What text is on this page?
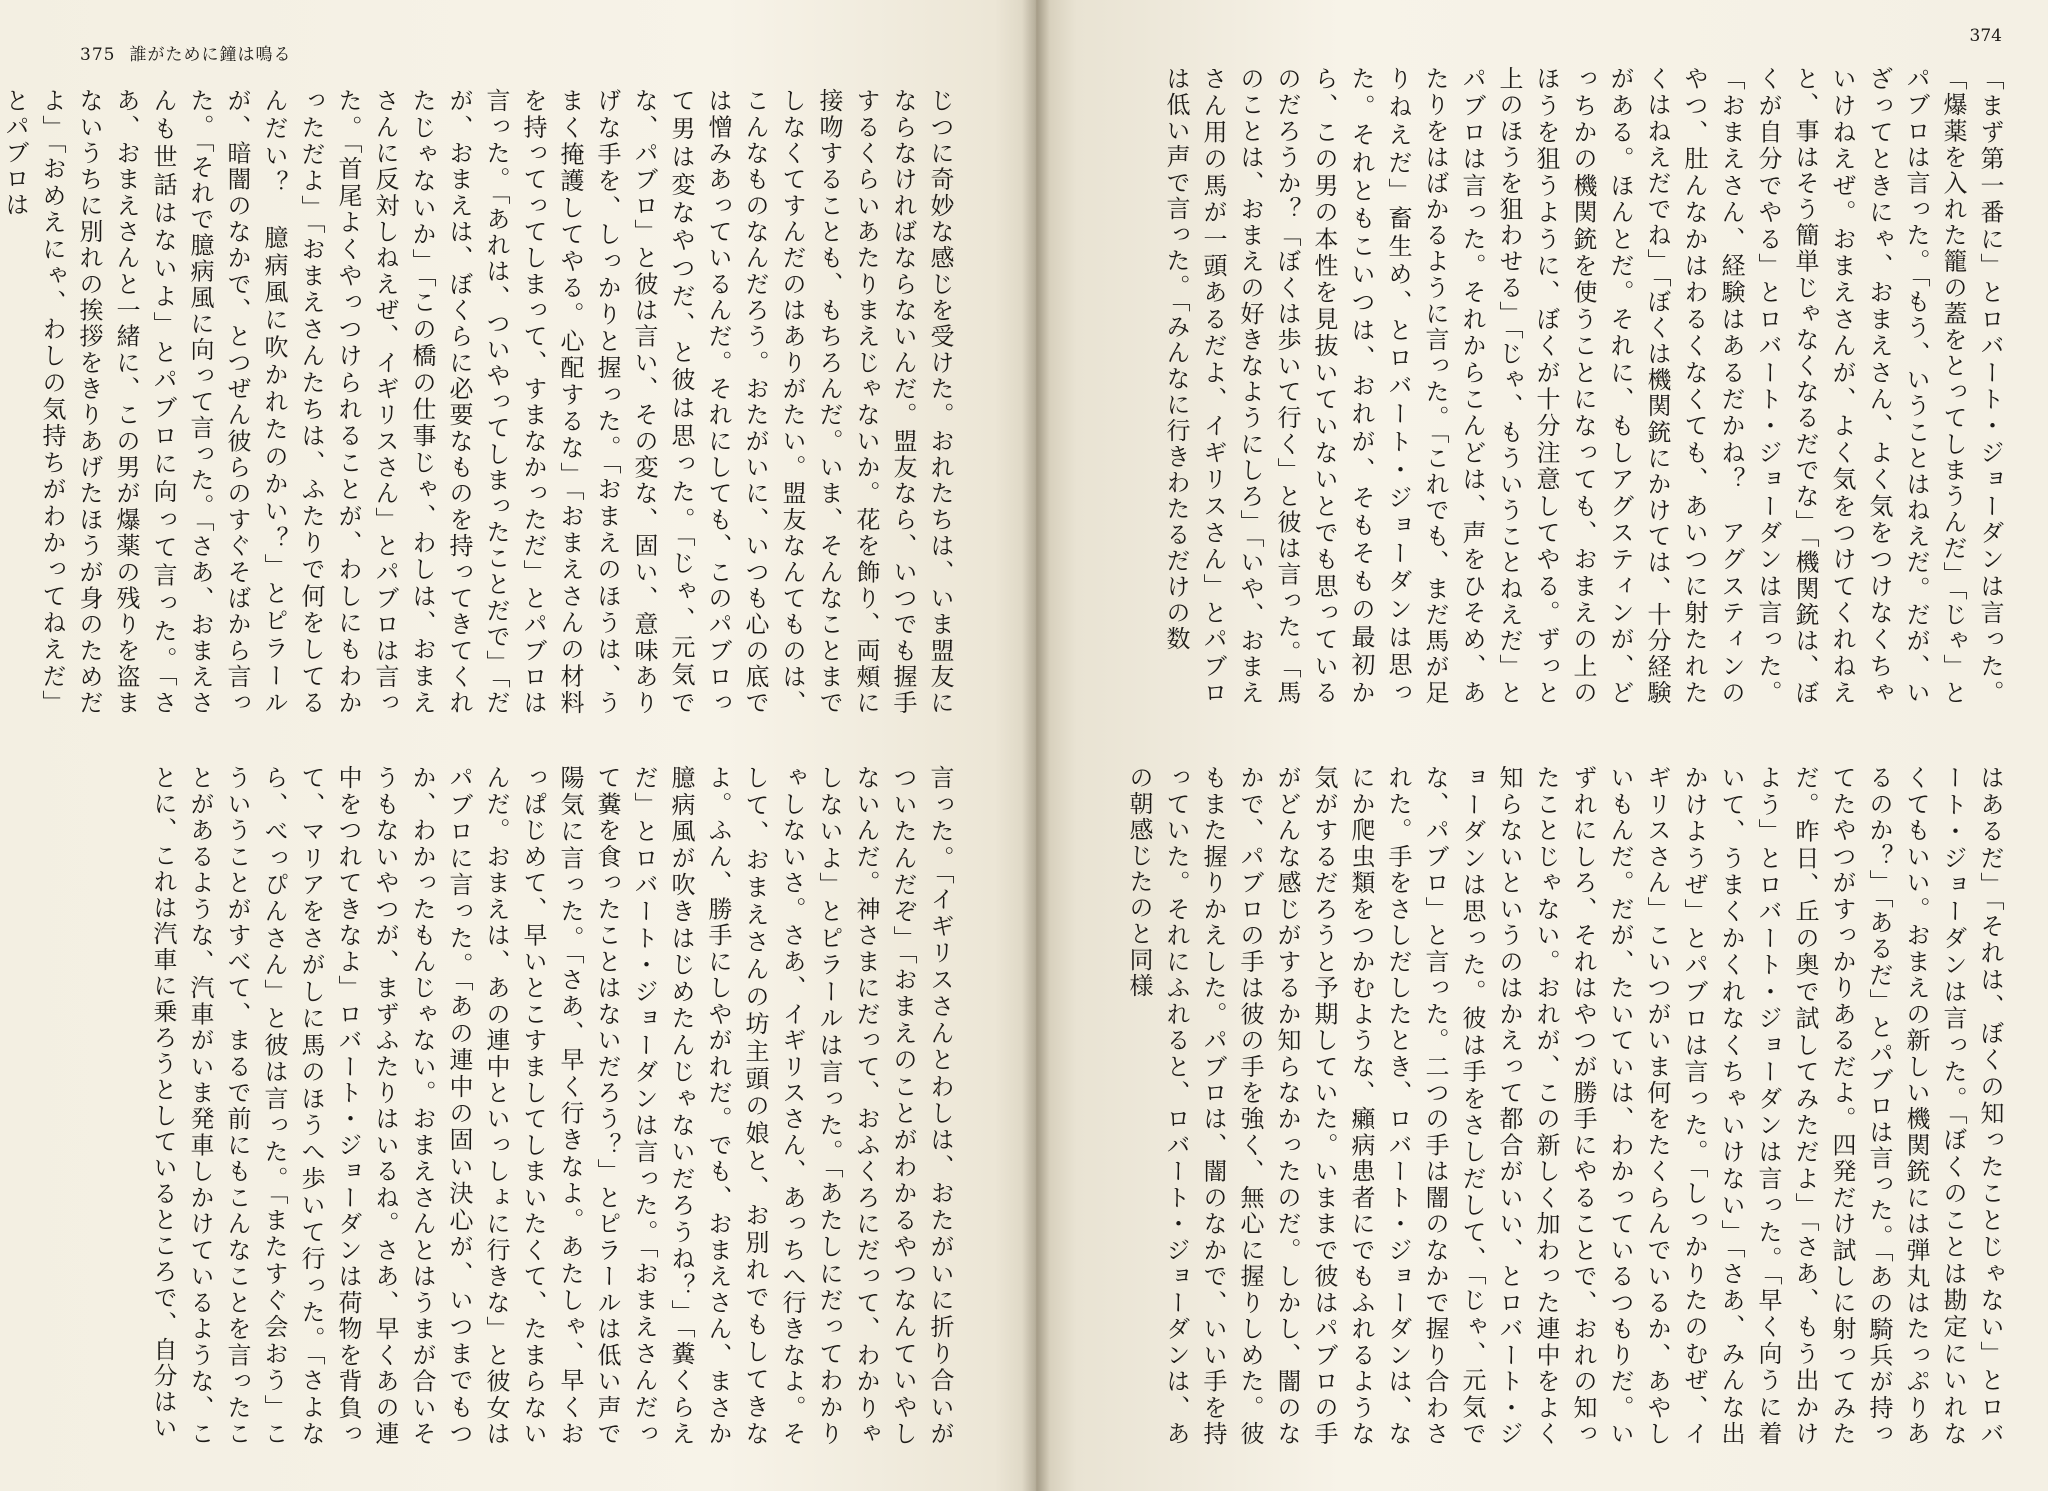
375 誰がために鐘は鳴る

じつに奇妙な感じを受けた。おれたちは、いま盟友にならなければならないんだ。盟友なら、いつでも握手するくらいあたりまえじゃないか。花を飾り、両頰に接吻することも、もちろんだ。いま、そんなことまでしなくてすんだのはありがたい。盟友なんてものは、こんなものなんだろう。おたがいに、いつも心の底では憎みあっているんだ。それにしても、このパブロって男は変なやつだ、と彼は思った。「じゃ、元気でな、パブロ」と彼は言い、その変な、固い、意味ありげな手を、しっかりと握った。「おまえのほうは、うまく掩護してやる。心配するな」「おまえさんの材料を持ってってしまって、すまなかっただ」とパブロは言った。「あれは、ついやってしまったことだで」「だが、おまえは、ぼくらに必要なものを持ってきてくれたじゃないか」「この橋の仕事じゃ、わしは、おまえさんに反対しねえぜ、イギリスさん」とパブロは言った。「首尾よくやっつけられることが、わしにもわかっただよ」「おまえさんたちは、ふたりで何をしてるんだい？　臆病風に吹かれたのかい？」とピラールが、暗闇のなかで、とつぜん彼らのすぐそばから言った。「それで臆病風に向って言った。「さあ、おまえさんも世話はないよ」とパブロに向って言った。「さあ、おまえさんと一緒に、この男が爆薬の残りを盗まないうちに別れの挨拶をきりあげたほうが身のためだよ」「おめえにゃ、わしの気持ちがわかってねえだ」とパブロは

言った。「イギリスさんとわしは、おたがいに折り合いがついたんだぞ」「おまえのことがわかるやつなんていやしないんだ。神さまにだって、おふくろにだって、わかりゃしないよ」とピラールは言った。「あたしにだってわかりゃしないさ。さあ、イギリスさん、あっちへ行きなよ。そして、おまえさんの坊主頭の娘と、お別れでもしてきなよ。ふん、勝手にしやがれだ。でも、おまえさん、まさか臆病風が吹きはじめたんじゃないだろうね？」「糞くらえだ」とロバート・ジョーダンは言った。「おまえさんだって糞を食ったことはないだろう？」とピラールは低い声で陽気に言った。「さあ、早く行きなよ。あたしゃ、早くおっぱじめて、早いとこすましてしまいたくて、たまらないんだ。おまえは、あの連中といっしょに行きな」と彼女はパブロに言った。「あの連中の固い決心が、いつまでもつか、わかったもんじゃない。おまえさんとはうまが合いそうもないやつが、まずふたりはいるね。さあ、早くあの連中をつれてきなよ」ロバート・ジョーダンは荷物を背負って、マリアをさがしに馬のほうへ歩いて行った。「さよなら、べっぴんさん」と彼は言った。「またすぐ会おう」こういうことがすべて、まるで前にもこんなことを言ったことがあるような、汽車がいま発車しかけているような、ことに、これは汽車に乗ろうとしているところで、自分はい

374

「まず第一番に」とロバート・ジョーダンは言った。「爆薬を入れた籠の蓋をとってしまうんだ」「じゃ」とパブロは言った。「もう、いうことはねえだ。だが、いざってときにゃ、おまえさん、よく気をつけなくちゃいけねえぜ。おまえさんが、よく気をつけてくれねえと、事はそう簡単じゃなくなるだでな」「機関銃は、ぼくが自分でやる」とロバート・ジョーダンは言った。「おまえさん、経験はあるだかね？　アグスティンのやつ、肚んなかはわるくなくても、あいつに射たれたくはねえだでね」「ぼくは機関銃にかけては、十分経験がある。ほんとだ。それに、もしアグスティンが、どっちかの機関銃を使うことになっても、おまえの上のほうを狙うように、ぼくが十分注意してやる。ずっと上のほうを狙わせる」「じゃ、もういうことねえだ」とパブロは言った。それからこんどは、声をひそめ、あたりをはばかるように言った。「これでも、まだ馬が足りねえだ」畜生め、とロバート・ジョーダンは思った。それともこいつは、おれが、そもそもの最初から、この男の本性を見抜いていないとでも思っているのだろうか？「ぼくは歩いて行く」と彼は言った。「馬のことは、おまえの好きなようにしろ」「いや、おまえさん用の馬が一頭あるだよ、イギリスさん」とパブロは低い声で言った。「みんなに行きわたるだけの数

はあるだ」「それは、ぼくの知ったことじゃない」とロバート・ジョーダンは言った。「ぼくのことは勘定にいれなくてもいい。おまえの新しい機関銃には弾丸はたっぷりあるのか？」「あるだ」とパブロは言った。「あの騎兵が持ってたやつがすっかりあるだよ。四発だけ試しに射ってみただ。昨日、丘の奥で試してみただよ」「さあ、もう出かけよう」とロバート・ジョーダンは言った。「早く向うに着いて、うまくかくれなくちゃいけない」「さあ、みんな出かけようぜ」とパブロは言った。「しっかりたのむぜ、イギリスさん」こいつがいま何をたくらんでいるか、あやしいもんだ。だが、たいていは、わかっているつもりだ。いずれにしろ、それはやつが勝手にやることで、おれの知ったことじゃない。おれが、この新しく加わった連中をよく知らないというのはかえって都合がいい、とロバート・ジョーダンは思った。彼は手をさしだして、「じゃ、元気でな、パブロ」と言った。二つの手は闇のなかで握り合わされた。手をさしだしたとき、ロバート・ジョーダンは、なにか爬虫類をつかむような、癩病患者にでもふれるような気がするだろうと予期していた。いままで彼はパブロの手がどんな感じがするか知らなかったのだ。しかし、闇のなかで、パブロの手は彼の手を強く、無心に握りしめた。彼もまた握りかえした。パブロは、闇のなかで、いい手を持っていた。それにふれると、ロバート・ジョーダンは、あの朝感じたのと同様
